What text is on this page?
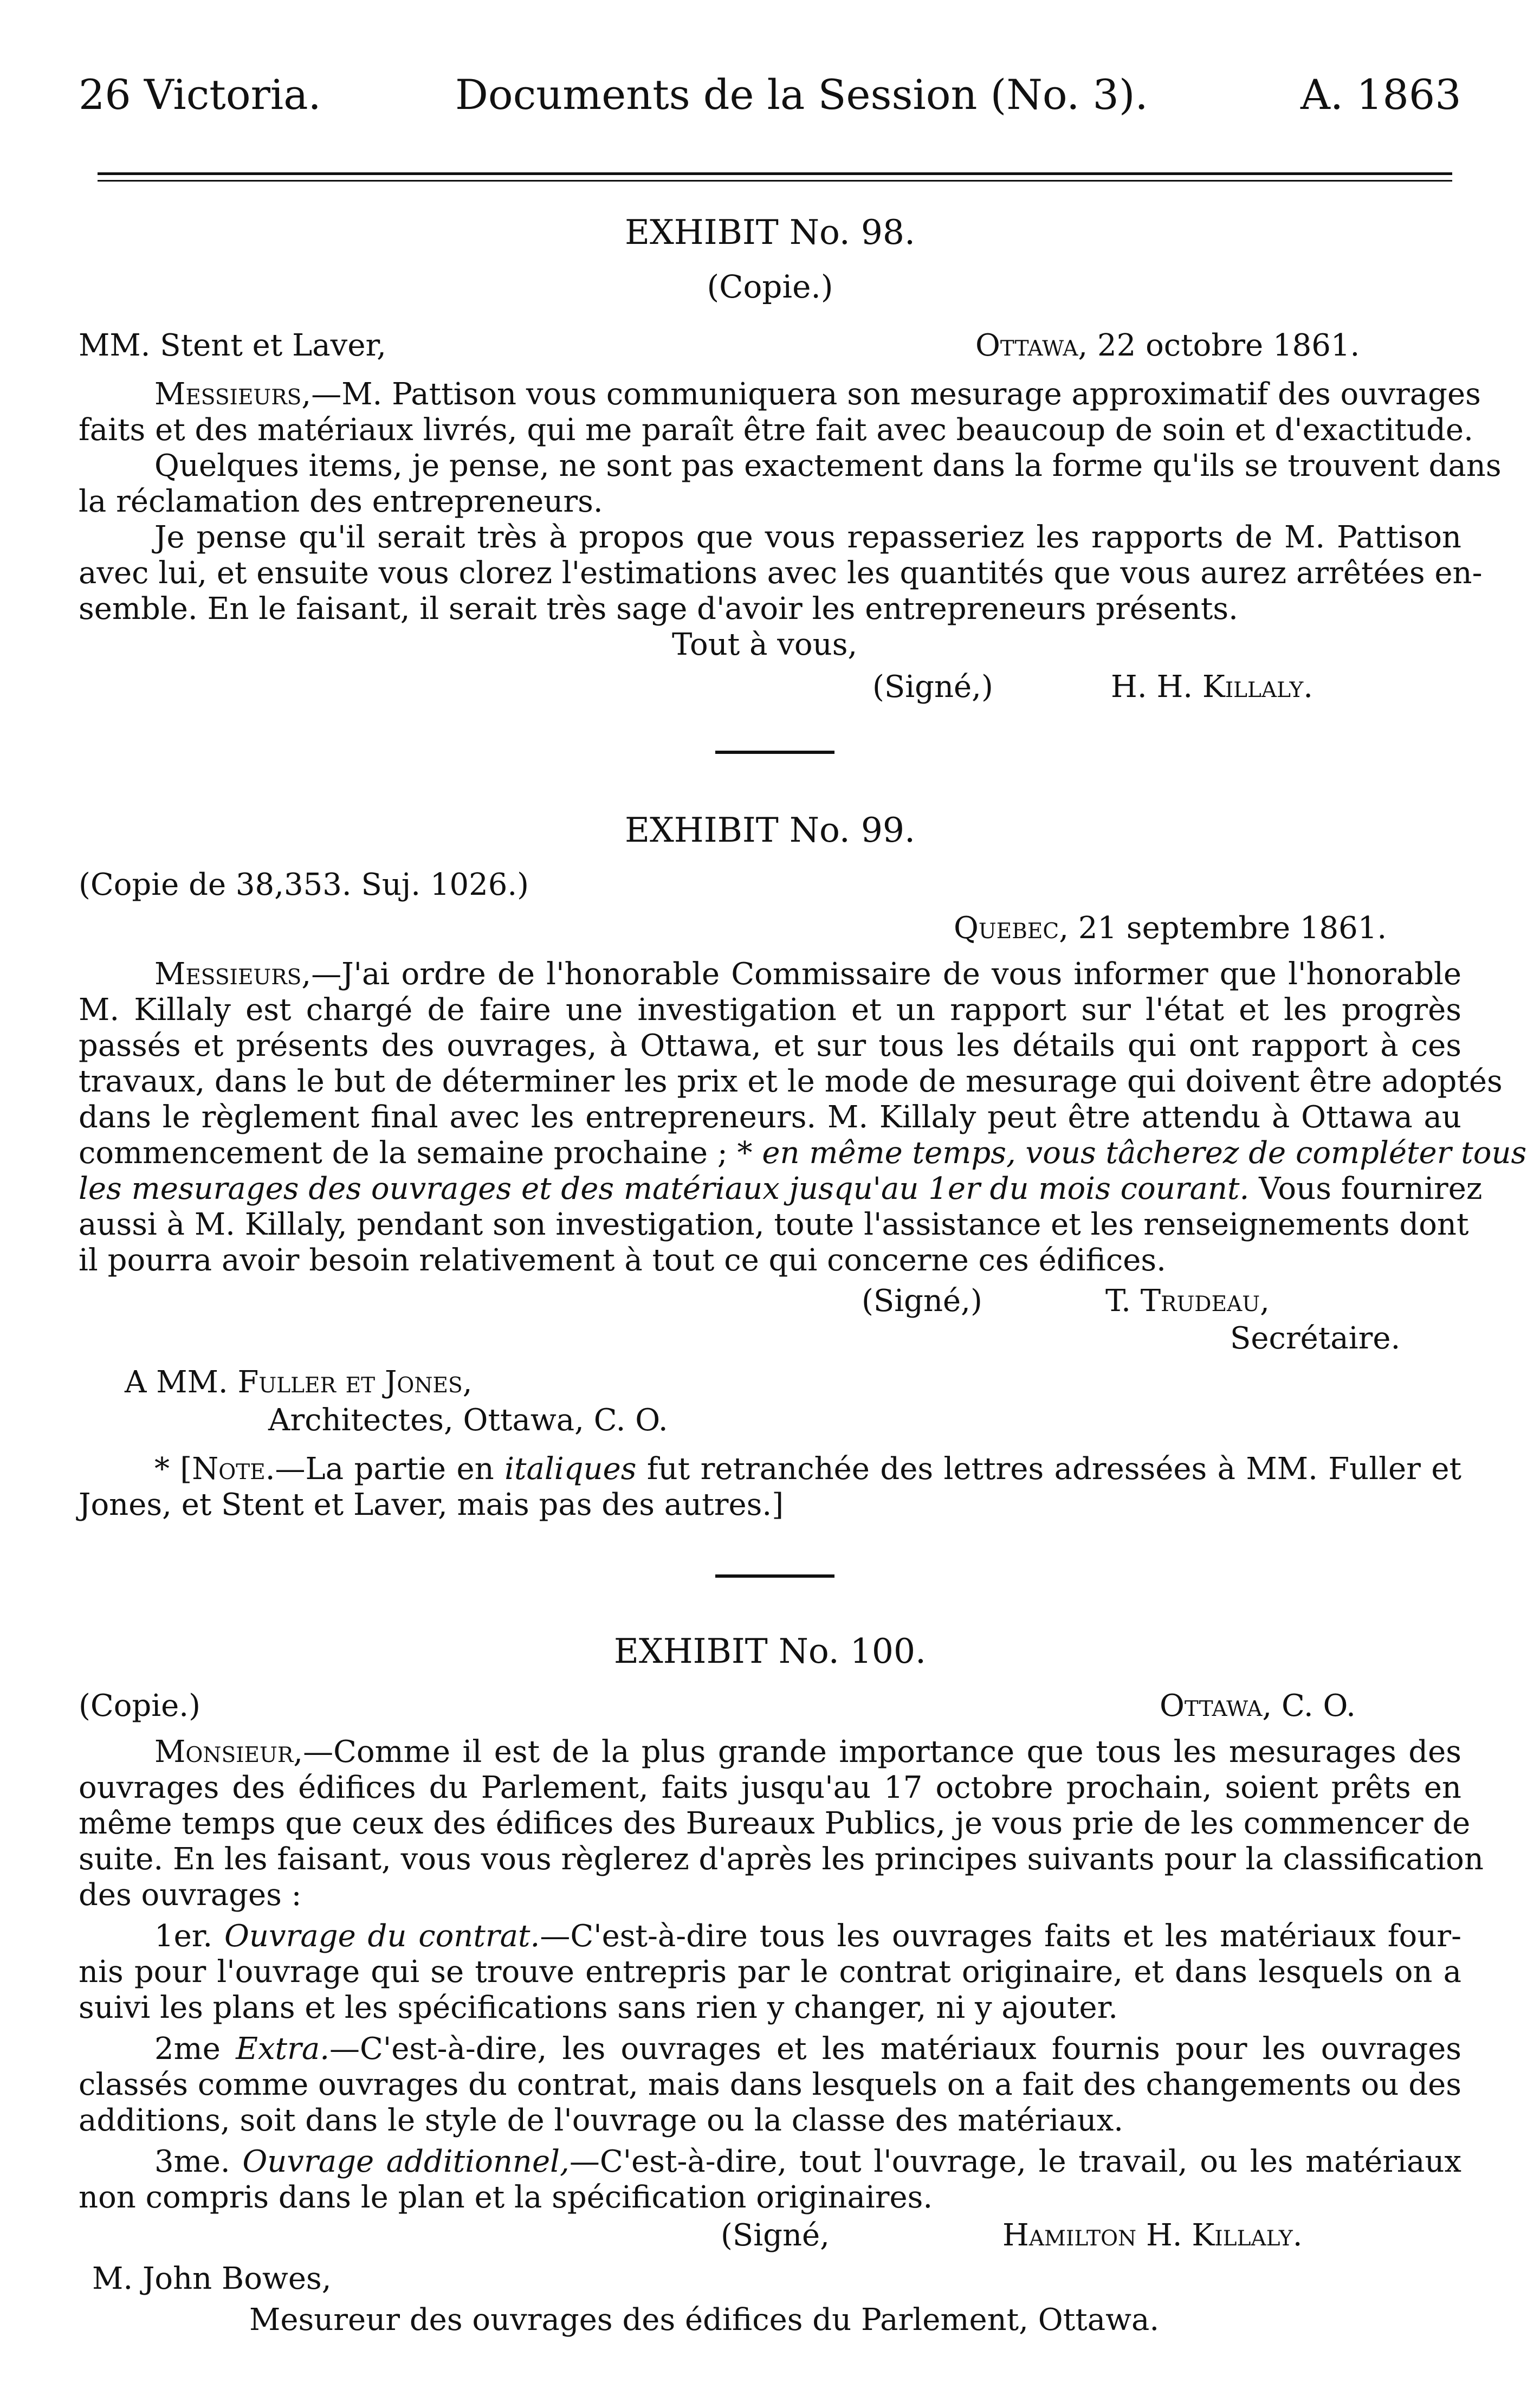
26 Victoria.	Documents de la Session (No. 3).	A. 1863
EXHIBIT No. 98.
(Copie.)
MM. Stent et Laver,	Ottawa, 22 octobre 1861.
Messieurs,—M. Pattison vous communiquera son mesurage approximatif des ouvrages
faits et des matériaux livrés, qui me paraît être fait avec beaucoup de soin et d'exactitude.
Quelques items, je pense, ne sont pas exactement dans la forme qu'ils se trouvent dans
la réclamation des entrepreneurs.
Je pense qu'il serait très à propos que vous repasseriez les rapports de M. Pattison
avec lui, et ensuite vous clorez l'estimations avec les quantités que vous aurez arrêtées en-
semble. En le faisant, il serait très sage d'avoir les entrepreneurs présents.
Tout à vous,
(Signé,)	H. H. Killaly.
EXHIBIT No. 99.
(Copie de 38,353. Suj. 1026.)
Quebec, 21 septembre 1861.
Messieurs,—J'ai ordre de l'honorable Commissaire de vous informer que l'honorable
M. Killaly est chargé de faire une investigation et un rapport sur l'état et les progrès
passés et présents des ouvrages, à Ottawa, et sur tous les détails qui ont rapport à ces
travaux, dans le but de déterminer les prix et le mode de mesurage qui doivent être adoptés
dans le règlement final avec les entrepreneurs. M. Killaly peut être attendu à Ottawa au
commencement de la semaine prochaine ; * en même temps, vous tâcherez de compléter tous
les mesurages des ouvrages et des matériaux jusqu'au 1er du mois courant. Vous fournirez
aussi à M. Killaly, pendant son investigation, toute l'assistance et les renseignements dont
il pourra avoir besoin relativement à tout ce qui concerne ces édifices.
(Signé,)	T. Trudeau,
Secrétaire.
A MM. Fuller et Jones,
Architectes, Ottawa, C. O.
* [Note.—La partie en italiques fut retranchée des lettres adressées à MM. Fuller et
Jones, et Stent et Laver, mais pas des autres.]
EXHIBIT No. 100.
(Copie.)	Ottawa, C. O.
Monsieur,—Comme il est de la plus grande importance que tous les mesurages des
ouvrages des édifices du Parlement, faits jusqu'au 17 octobre prochain, soient prêts en
même temps que ceux des édifices des Bureaux Publics, je vous prie de les commencer de
suite. En les faisant, vous vous règlerez d'après les principes suivants pour la classification
des ouvrages :
1er. Ouvrage du contrat.—C'est-à-dire tous les ouvrages faits et les matériaux four-
nis pour l'ouvrage qui se trouve entrepris par le contrat originaire, et dans lesquels on a
suivi les plans et les spécifications sans rien y changer, ni y ajouter.
2me Extra.—C'est-à-dire, les ouvrages et les matériaux fournis pour les ouvrages
classés comme ouvrages du contrat, mais dans lesquels on a fait des changements ou des
additions, soit dans le style de l'ouvrage ou la classe des matériaux.
3me. Ouvrage additionnel,—C'est-à-dire, tout l'ouvrage, le travail, ou les matériaux
non compris dans le plan et la spécification originaires.
(Signé,	Hamilton H. Killaly.
M. John Bowes,
Mesureur des ouvrages des édifices du Parlement, Ottawa.
